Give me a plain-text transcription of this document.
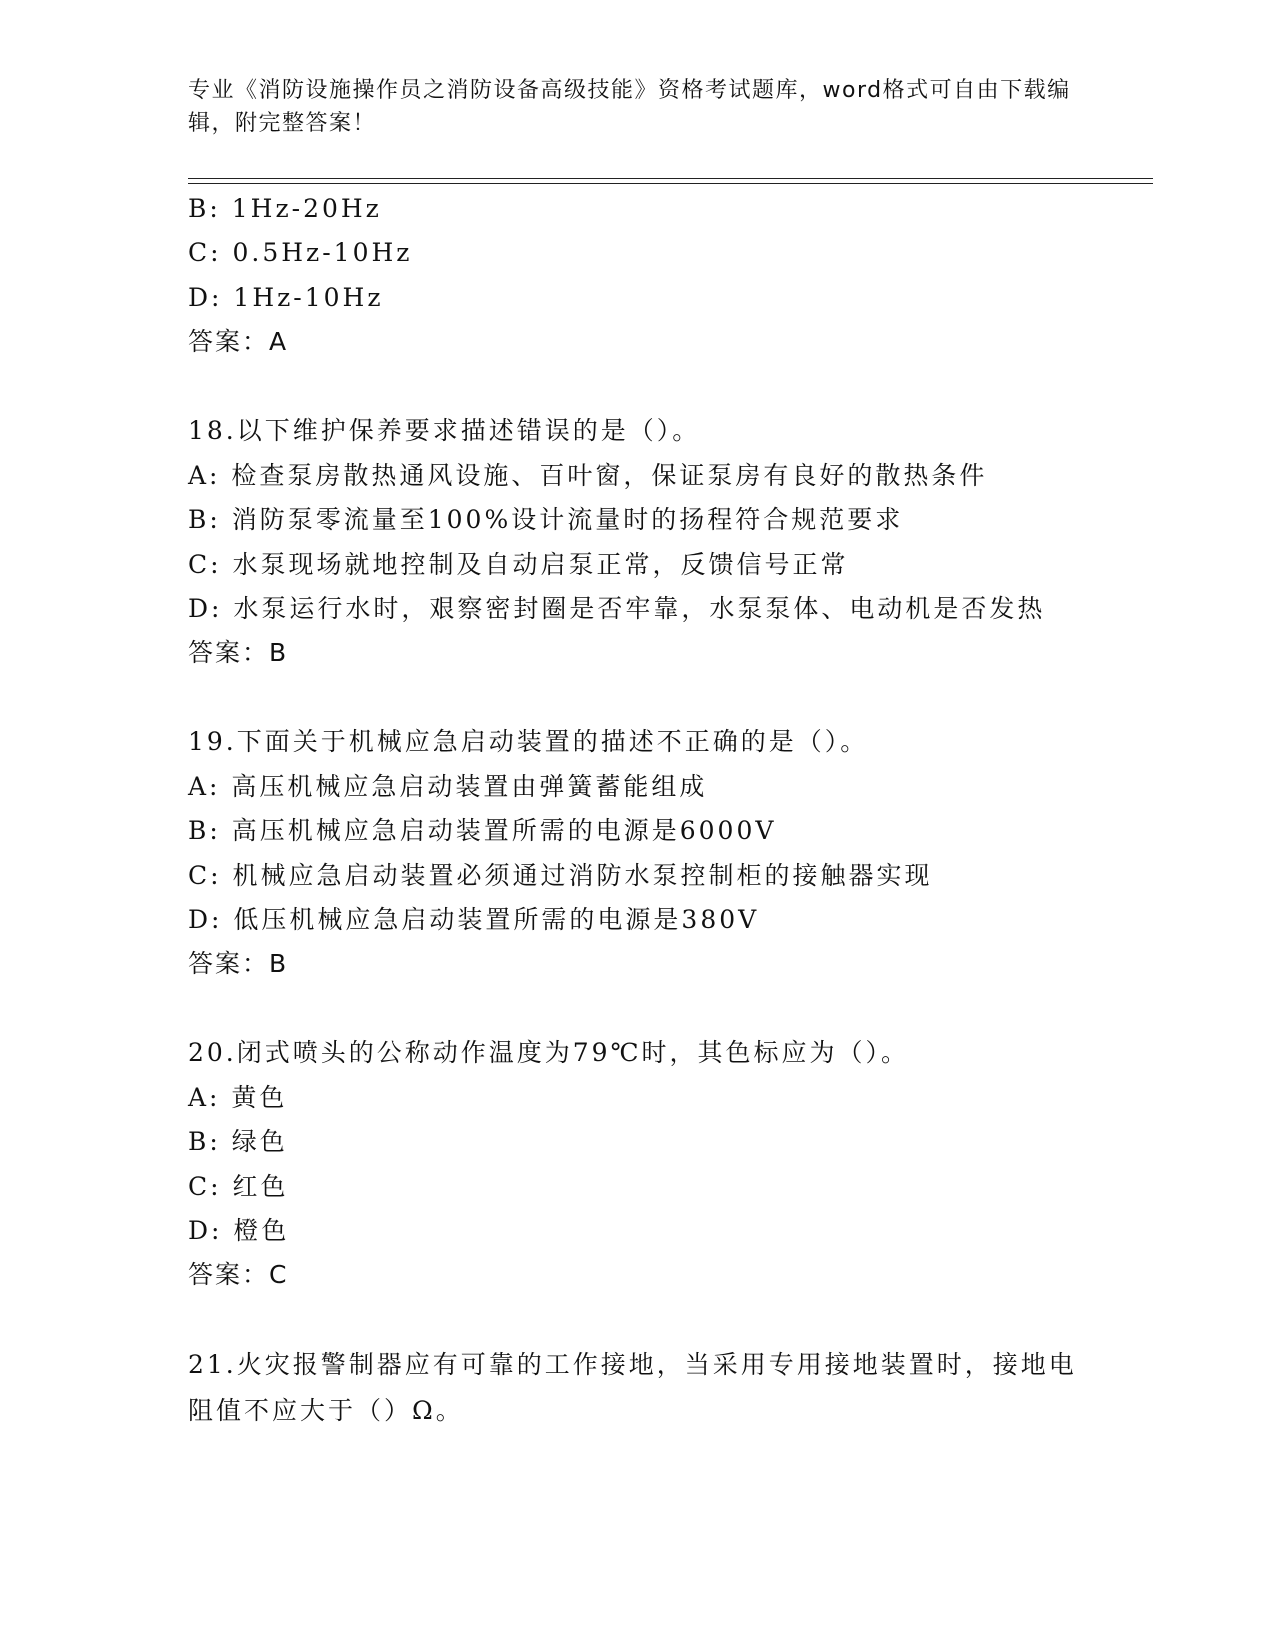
专业《消防设施操作员之消防设备高级技能》资格考试题库，word格式可自由下载编辑，附完整答案！
B: 1Hz-20Hz
C: 0.5Hz-10Hz
D: 1Hz-10Hz
答案：A
18.以下维护保养要求描述错误的是（）。
A: 检查泵房散热通风设施、百叶窗，保证泵房有良好的散热条件
B: 消防泵零流量至100%设计流量时的扬程符合规范要求
C: 水泵现场就地控制及自动启泵正常，反馈信号正常
D: 水泵运行水时，艰察密封圈是否牢靠，水泵泵体、电动机是否发热
答案：B
19.下面关于机械应急启动装置的描述不正确的是（）。
A: 高压机械应急启动装置由弹簧蓄能组成
B: 高压机械应急启动装置所需的电源是6000V
C: 机械应急启动装置必须通过消防水泵控制柜的接触器实现
D: 低压机械应急启动装置所需的电源是380V
答案：B
20.闭式喷头的公称动作温度为79℃时，其色标应为（）。
A: 黄色
B: 绿色
C: 红色
D: 橙色
答案：C
21.火灾报警制器应有可靠的工作接地，当采用专用接地装置时，接地电阻值不应大于（）Ω。
